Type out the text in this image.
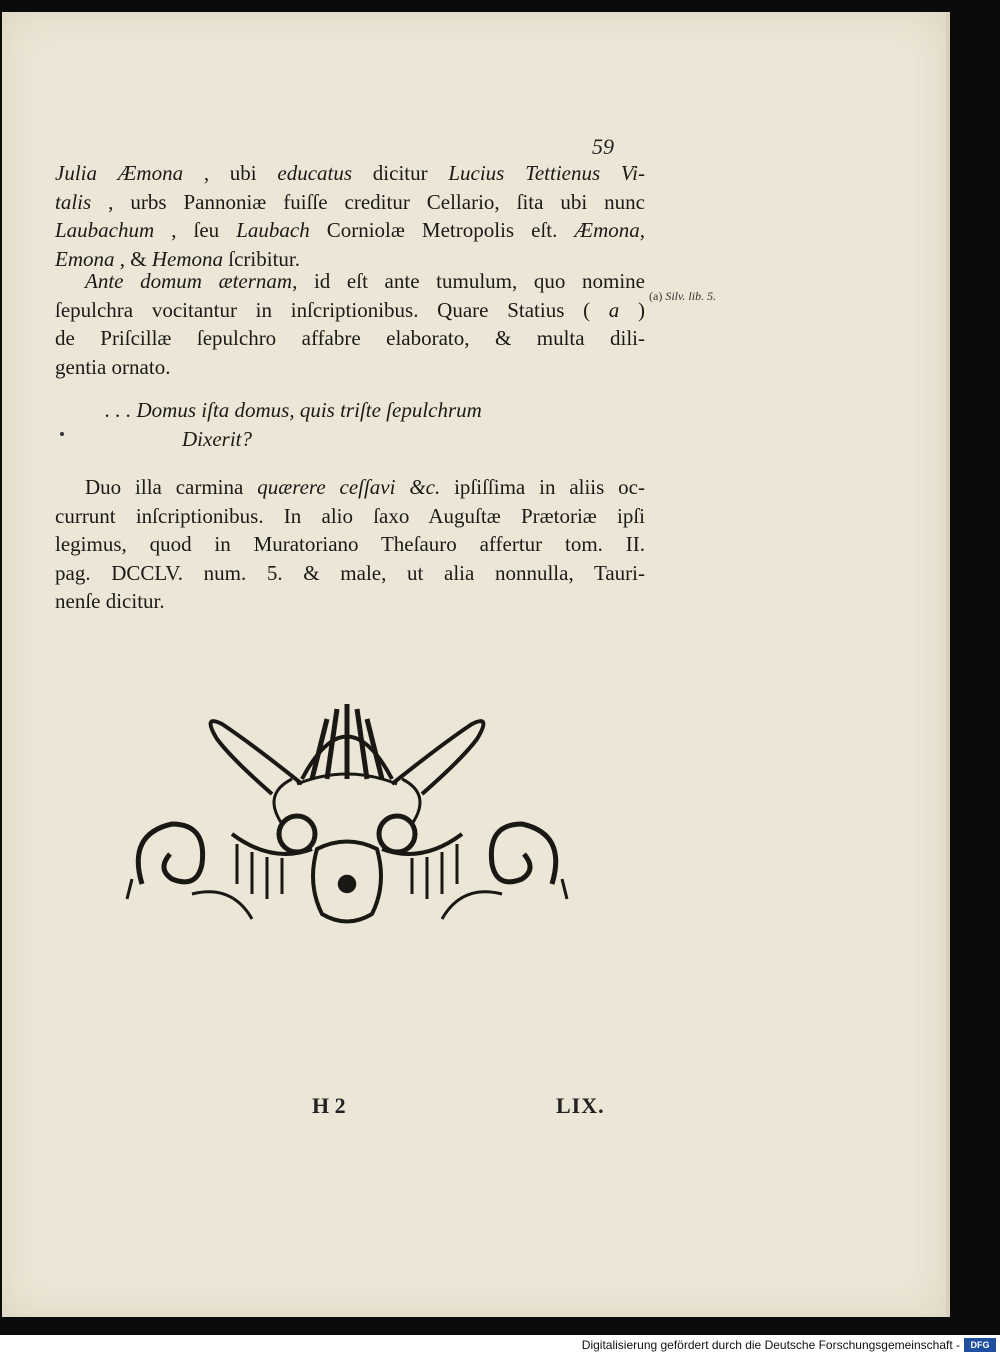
59
Julia Æmona , ubi educatus dicitur Lucius Tettienus Vi-
talis , urbs Pannoniæ fuiſſe creditur Cellario, ſita ubi nunc
Laubachum , ſeu Laubach Corniolæ Metropolis eſt. Æmona,
Emona , & Hemona ſcribitur.
Ante domum æternam, id eſt ante tumulum, quo nomine
ſepulchra vocitantur in inſcriptionibus. Quare Statius ( a )
de Priſcillæ ſepulchro affabre elaborato, & multa dili-
gentia ornato.
(a) Silv. lib. 5.
. . . Domus iſta domus, quis triſte ſepulchrum
Dixerit?
Duo illa carmina quærere ceſſavi &c. ipſiſſima in aliis oc-
currunt inſcriptionibus. In alio ſaxo Auguſtæ Prætoriæ ipſi
legimus, quod in Muratoriano Theſauro affertur tom. II.
pag. DCCLV. num. 5. & male, ut alia nonnulla, Tauri-
nenſe dicitur.
H 2	LIX.
Digitalisierung gefördert durch die Deutsche Forschungsgemeinschaft -	DFG
